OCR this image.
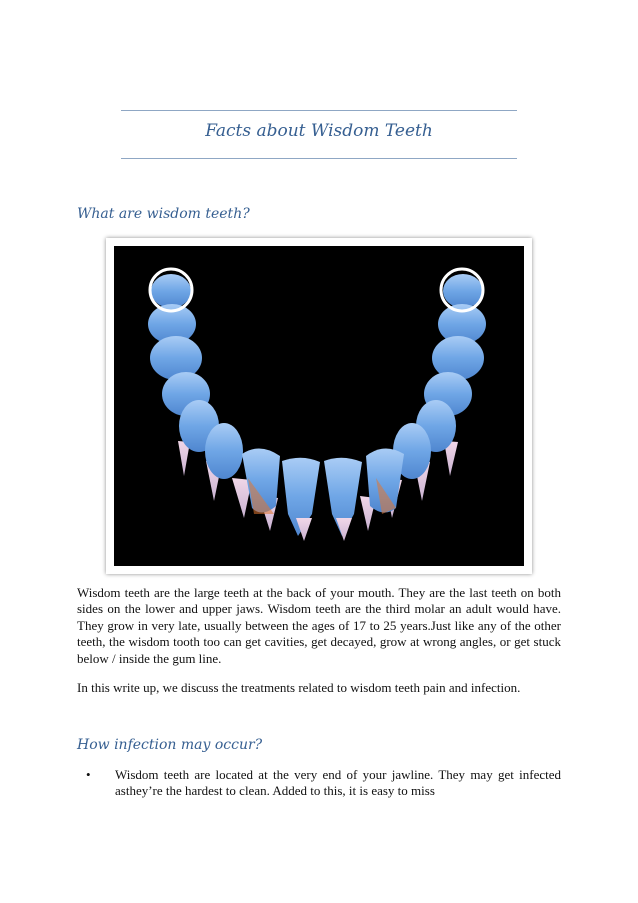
Facts about Wisdom Teeth
What are wisdom teeth?

Wisdom teeth are the large teeth at the back of your mouth. They are the last teeth on both sides on the lower and upper jaws. Wisdom teeth are the third molar an adult would have. They grow in very late, usually between the ages of 17 to 25 years.Just like any of the other teeth, the wisdom tooth too can get cavities, get decayed, grow at wrong angles, or get stuck below / inside the gum line.

In this write up, we discuss the treatments related to wisdom teeth pain and infection.

How infection may occur?
• Wisdom teeth are located at the very end of your jawline. They may get infected asthey’re the hardest to clean. Added to this, it is easy to miss
